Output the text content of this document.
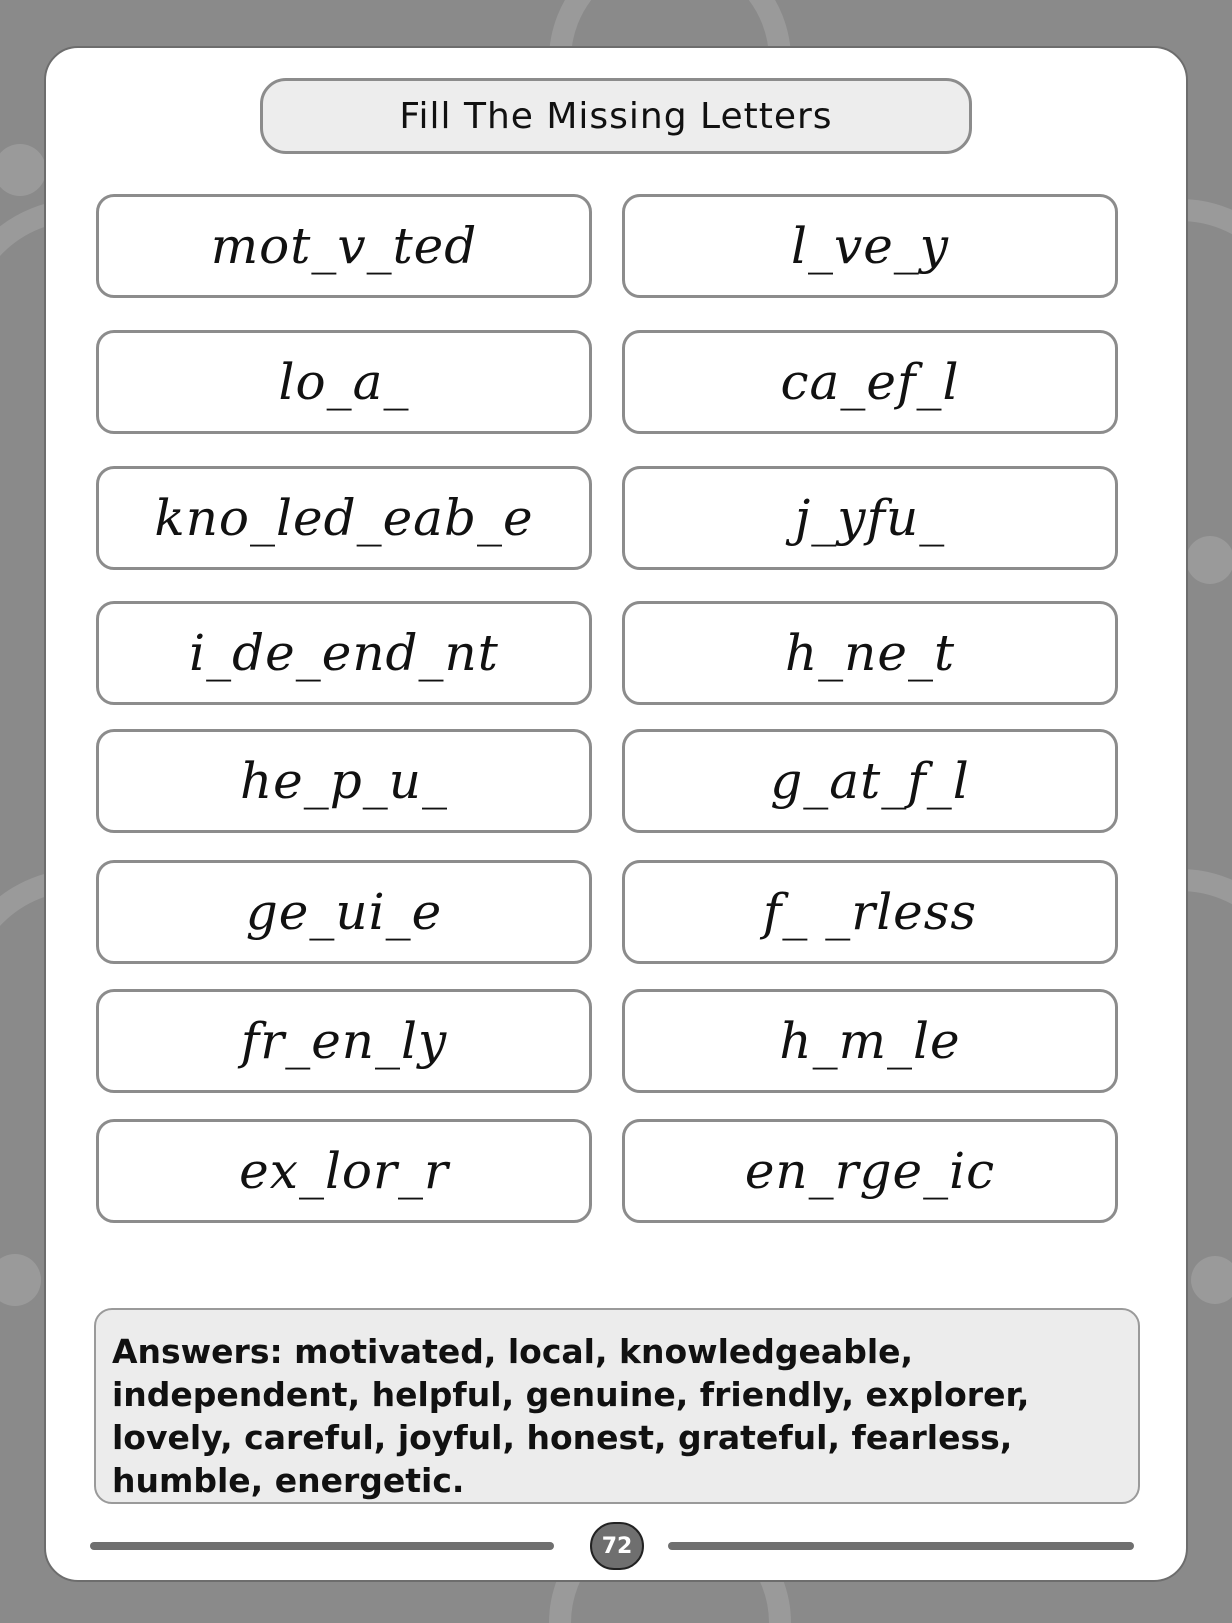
Fill The Missing Letters
mot_v_ted	l_ve_y
lo_a_	ca_ef_l
kno_led_eab_e	j_yfu_
i_de_end_nt	h_ne_t
he_p_u_	g_at_f_l
ge_ui_e	f_ _rless
fr_en_ly	h_m_le
ex_lor_r	en_rge_ic

Answers: motivated, local, knowledgeable, independent, helpful, genuine, friendly, explorer, lovely, careful, joyful, honest, grateful, fearless, humble, energetic.

72
